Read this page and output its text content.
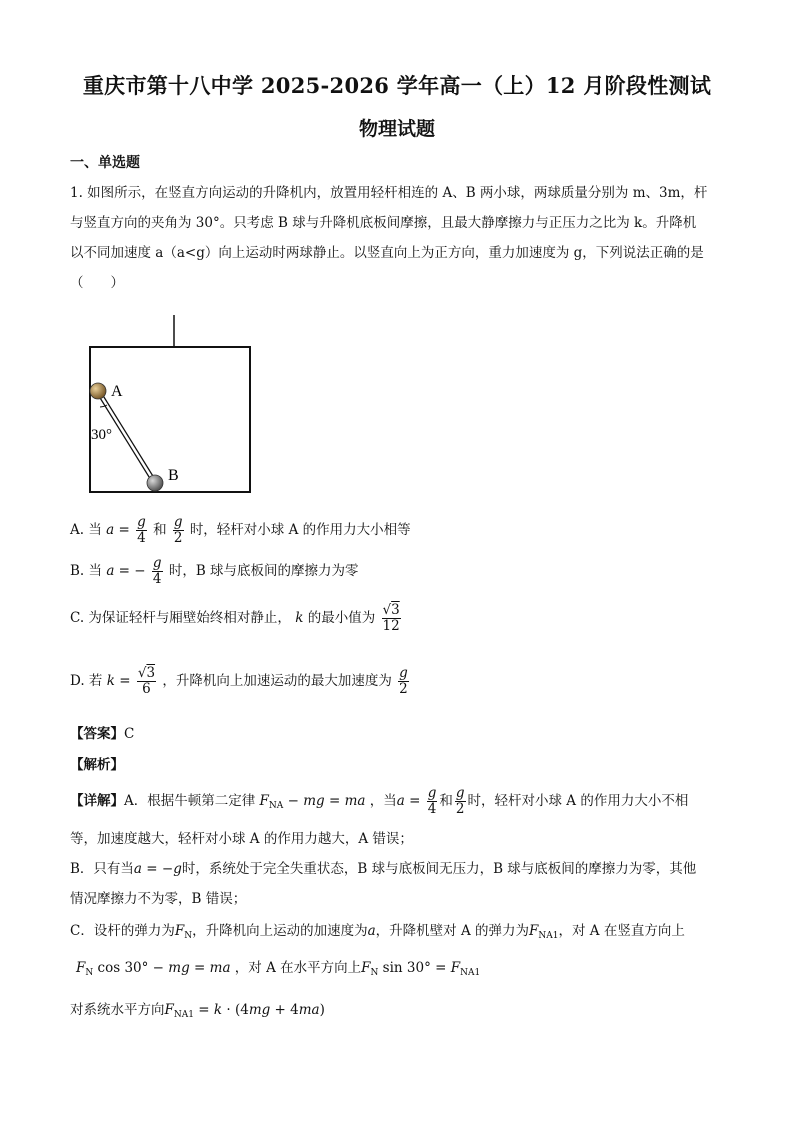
重庆市第十八中学 2025-2026 学年高一（上）12 月阶段性测试
物理试题
一、单选题
1. 如图所示，在竖直方向运动的升降机内，放置用轻杆相连的 A、B 两小球，两球质量分别为 m、3m，杆
与竖直方向的夹角为 30°。只考虑 B 球与升降机底板间摩擦，且最大静摩擦力与正压力之比为 k。升降机
以不同加速度 a（a<g）向上运动时两球静止。以竖直向上为正方向，重力加速度为 g，下列说法正确的是
（　　）
A
B
30°
A. 当 $a = \frac{g}{4}$ 和 $\frac{g}{2}$ 时，轻杆对小球 A 的作用力大小相等
B. 当 a = − $\frac{g}{4}$ 时，B 球与底板间的摩擦力为零
C. 为保证轻杆与厢壁始终相对静止， k 的最小值为 $\frac{√3}{12}$
D. 若 $k = \frac{√3}{6}$ ，升降机向上加速运动的最大加速度为 $\frac{g}{2}$
【答案】C
【解析】
【详解】A．根据牛顿第二定律 $F_{NA}$ − mg = ma ，当$a = \frac{g}{4}$ 和 $\frac{g}{2}$ 时，轻杆对小球 A 的作用力大小不相
等，加速度越大，轻杆对小球 A 的作用力越大，A 错误；
B．只有当a = −g时，系统处于完全失重状态，B 球与底板间无压力，B 球与底板间的摩擦力为零，其他
情况摩擦力不为零，B 错误；
C．设杆的弹力为$F_N$，升降机向上运动的加速度为a，升降机壁对 A 的弹力为$F_{NA1}$，对 A 在竖直方向上
$F_N$ cos 30° − mg = ma ，对 A 在水平方向上$F_N$ $\sin 30^\circ = F_{NA1}$
对系统水平方向$F_{NA1} = k \cdot (4mg + 4ma)$
